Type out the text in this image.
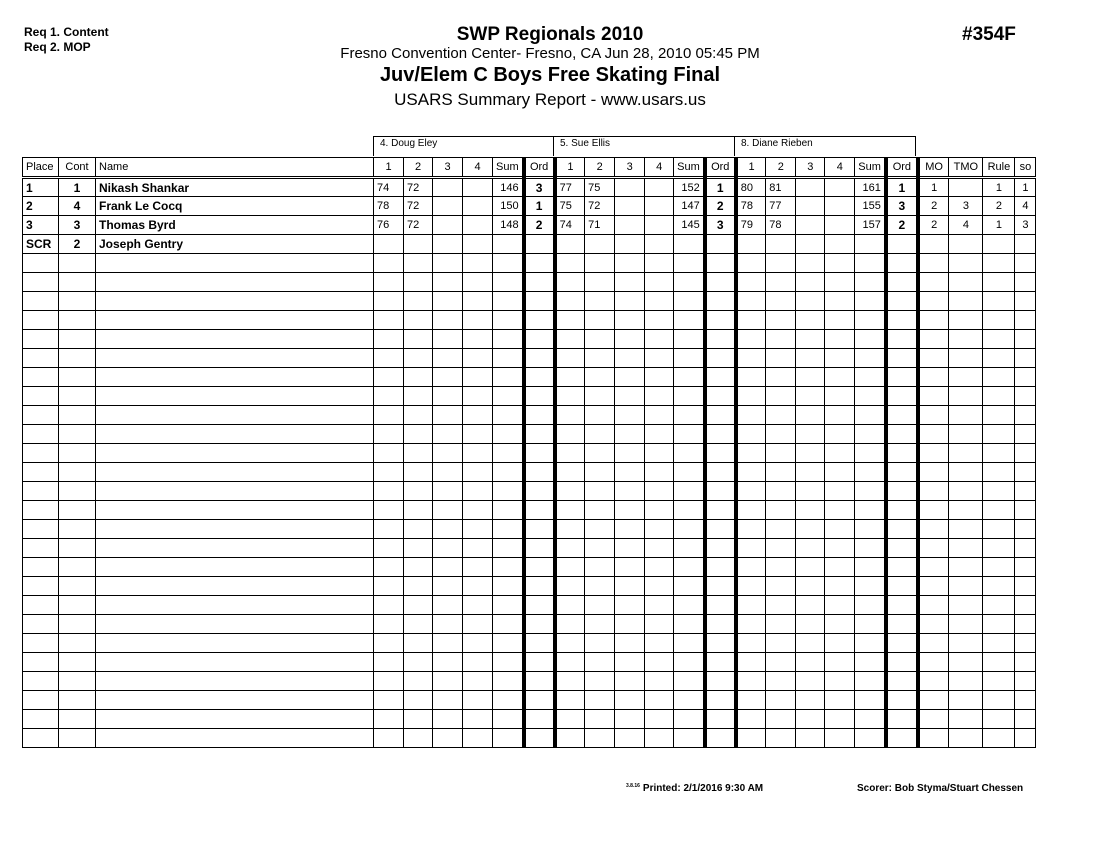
Req 1. Content
Req 2. MOP
SWP Regionals 2010
Fresno Convention Center- Fresno, CA Jun 28, 2010 05:45 PM
Juv/Elem C Boys Free Skating Final
USARS Summary Report - www.usars.us
#354F
4. Doug Eley	5. Sue Ellis	8. Diane Rieben
Place	Cont	Name	1	2	3	4	Sum	Ord	1	2	3	4	Sum	Ord	1	2	3	4	Sum	Ord	MO	TMO	Rule	so
1	1	Nikash Shankar	74	72			146	3	77	75			152	1	80	81			161	1	1		1	1
2	4	Frank Le Cocq	78	72			150	1	75	72			147	2	78	77			155	3	2	3	2	4
3	3	Thomas Byrd	76	72			148	2	74	71			145	3	79	78			157	2	2	4	1	3
SCR	2	Joseph Gentry																						

$^{3.8.16}$ Printed: 2/1/2016 9:30 AM	Scorer: Bob Styma/Stuart Chessen
